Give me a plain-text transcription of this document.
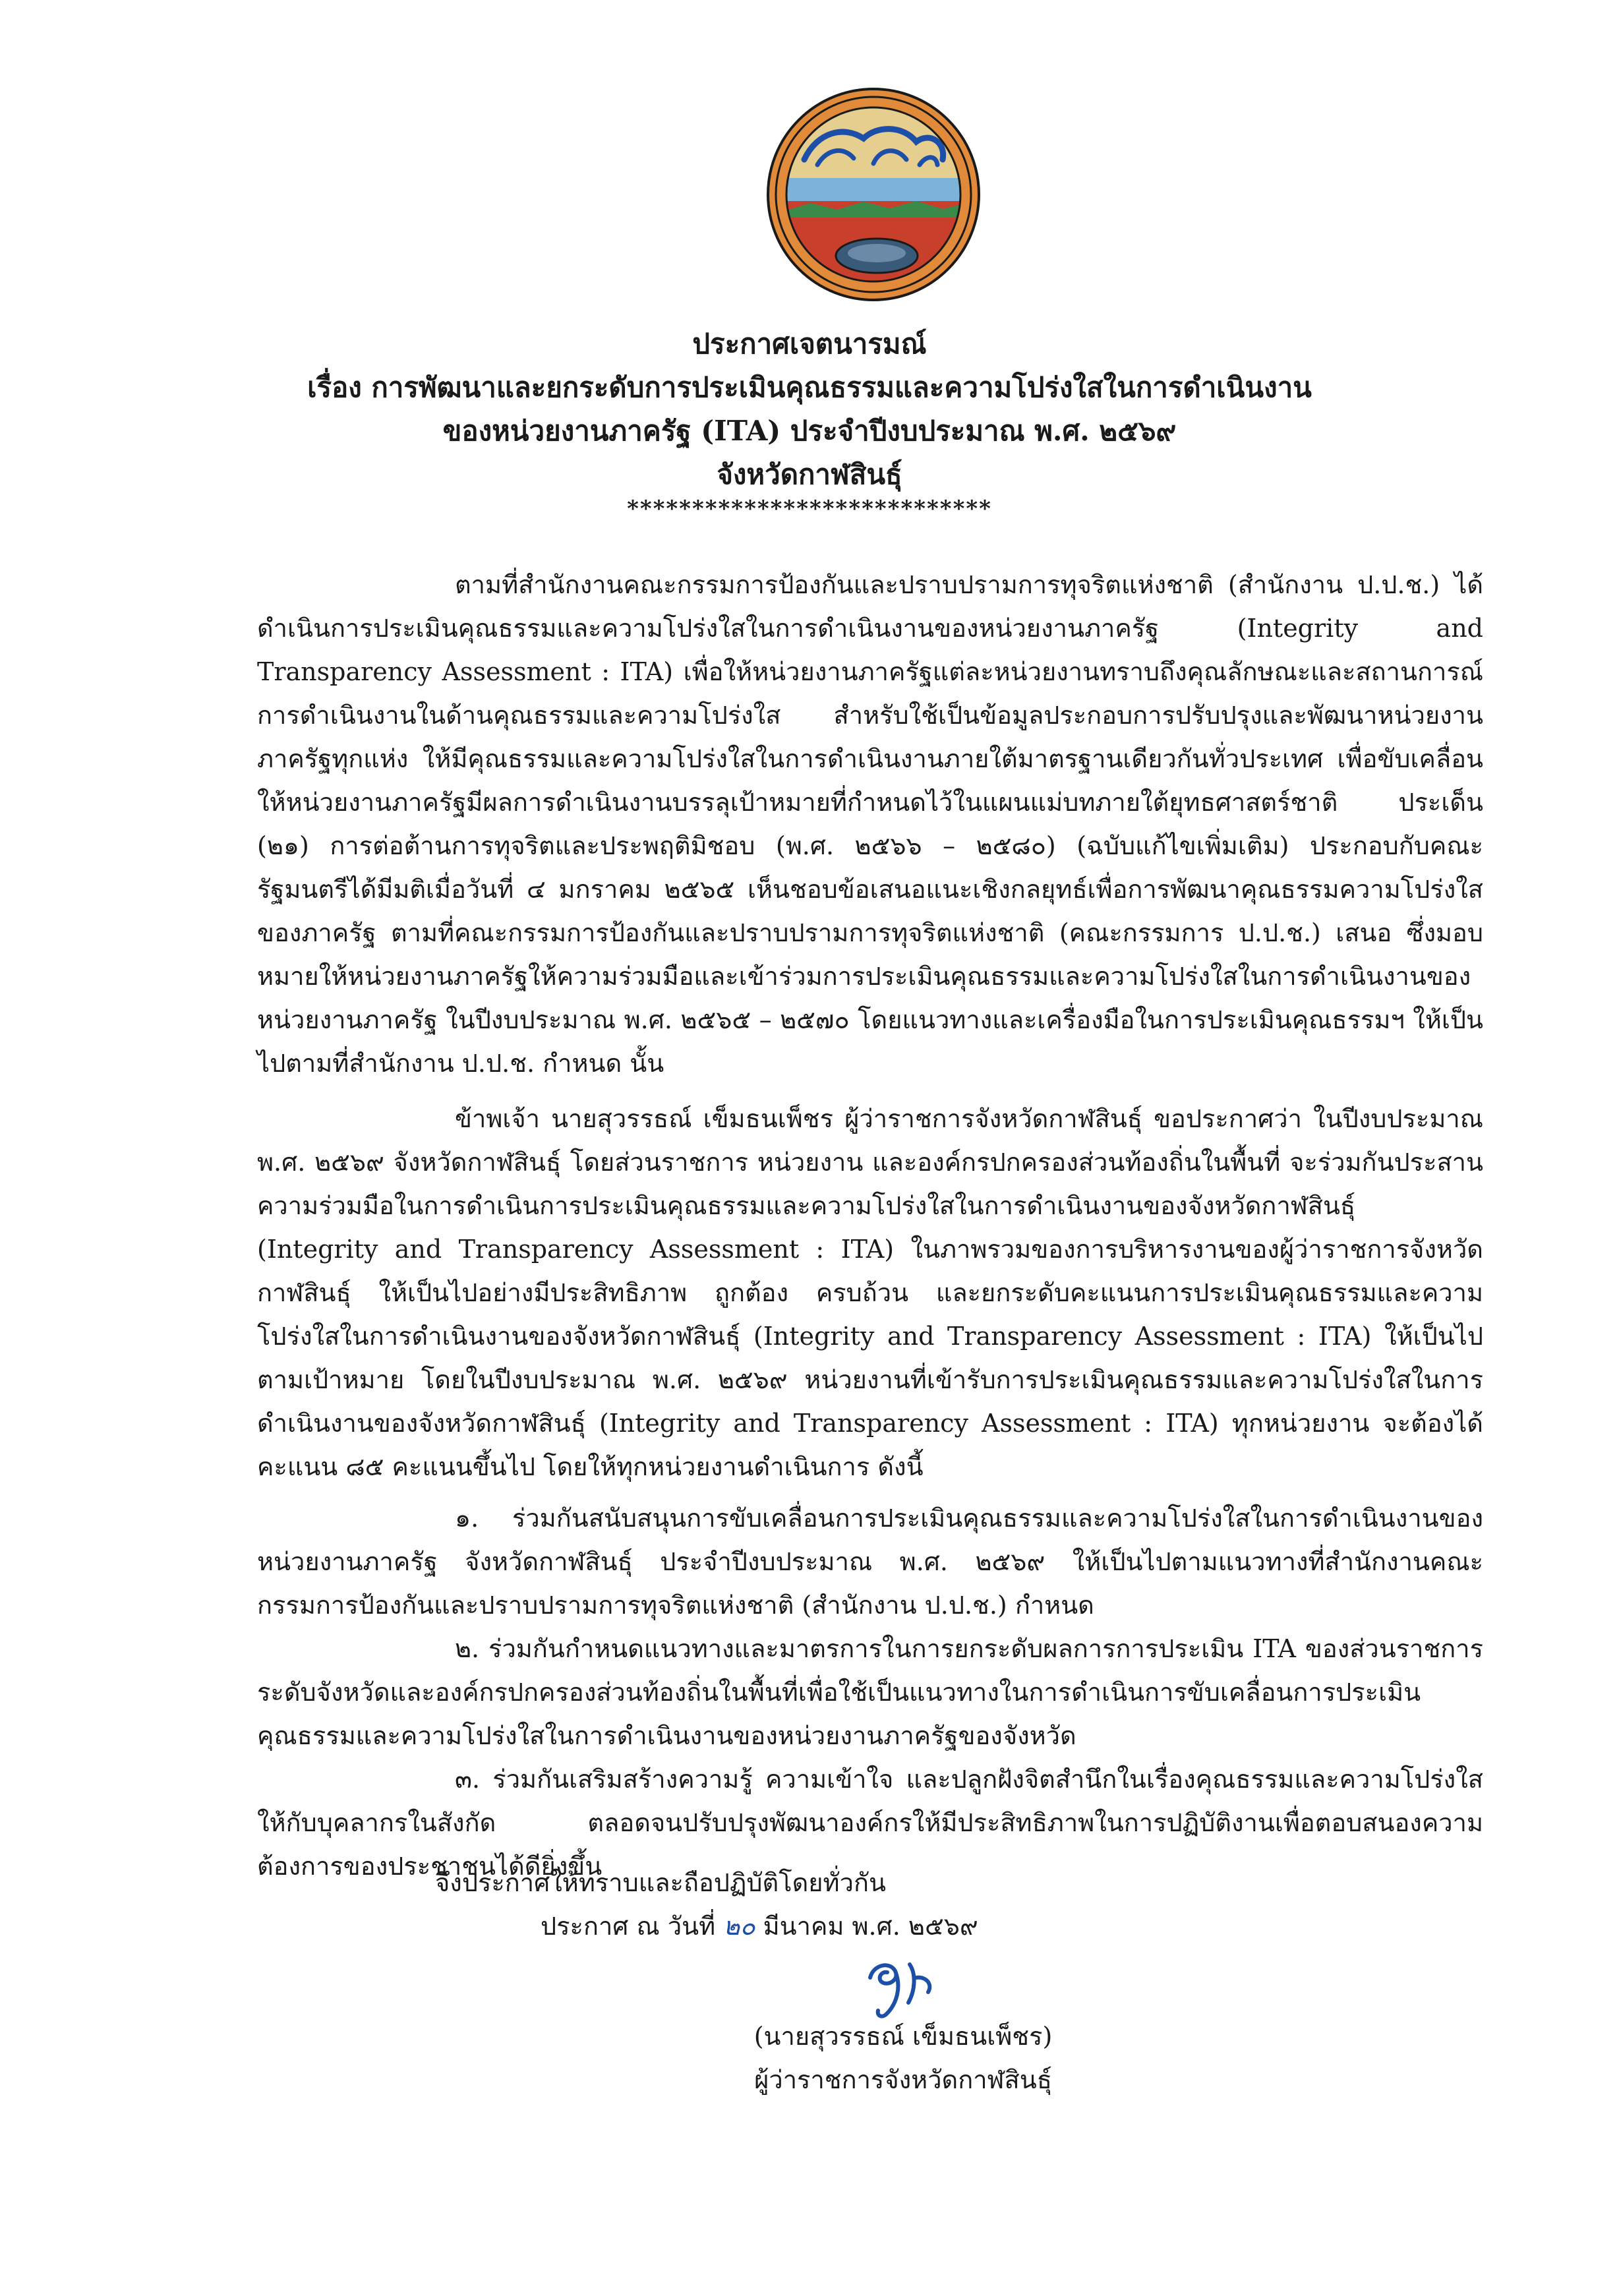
ประกาศเจตนารมณ์
เรื่อง การพัฒนาและยกระดับการประเมินคุณธรรมและความโปร่งใสในการดำเนินงาน
ของหน่วยงานภาครัฐ (ITA) ประจำปีงบประมาณ พ.ศ. ๒๕๖๙
จังหวัดกาฬสินธุ์
****************************

ตามที่สำนักงานคณะกรรมการป้องกันและปราบปรามการทุจริตแห่งชาติ (สำนักงาน ป.ป.ช.) ได้ดำเนินการประเมินคุณธรรมและความโปร่งใสในการดำเนินงานของหน่วยงานภาครัฐ (Integrity and Transparency Assessment : ITA) เพื่อให้หน่วยงานภาครัฐแต่ละหน่วยงานทราบถึงคุณลักษณะและสถานการณ์การดำเนินงานในด้านคุณธรรมและความโปร่งใส สำหรับใช้เป็นข้อมูลประกอบการปรับปรุงและพัฒนาหน่วยงานภาครัฐทุกแห่ง ให้มีคุณธรรมและความโปร่งใสในการดำเนินงานภายใต้มาตรฐานเดียวกันทั่วประเทศ เพื่อขับเคลื่อนให้หน่วยงานภาครัฐมีผลการดำเนินงานบรรลุเป้าหมายที่กำหนดไว้ในแผนแม่บทภายใต้ยุทธศาสตร์ชาติ ประเด็น (๒๑) การต่อต้านการทุจริตและประพฤติมิชอบ (พ.ศ. ๒๕๖๖ – ๒๕๘๐) (ฉบับแก้ไขเพิ่มเติม) ประกอบกับคณะรัฐมนตรีได้มีมติเมื่อวันที่ ๔ มกราคม ๒๕๖๕ เห็นชอบข้อเสนอแนะเชิงกลยุทธ์เพื่อการพัฒนาคุณธรรมความโปร่งใสของภาครัฐ ตามที่คณะกรรมการป้องกันและปราบปรามการทุจริตแห่งชาติ (คณะกรรมการ ป.ป.ช.) เสนอ ซึ่งมอบหมายให้หน่วยงานภาครัฐให้ความร่วมมือและเข้าร่วมการประเมินคุณธรรมและความโปร่งใสในการดำเนินงานของหน่วยงานภาครัฐ ในปีงบประมาณ พ.ศ. ๒๕๖๕ – ๒๕๗๐ โดยแนวทางและเครื่องมือในการประเมินคุณธรรมฯ ให้เป็นไปตามที่สำนักงาน ป.ป.ช. กำหนด นั้น

ข้าพเจ้า นายสุวรรธณ์ เข็มธนเพ็ชร ผู้ว่าราชการจังหวัดกาฬสินธุ์ ขอประกาศว่า ในปีงบประมาณ พ.ศ. ๒๕๖๙ จังหวัดกาฬสินธุ์ โดยส่วนราชการ หน่วยงาน และองค์กรปกครองส่วนท้องถิ่นในพื้นที่ จะร่วมกันประสานความร่วมมือในการดำเนินการประเมินคุณธรรมและความโปร่งใสในการดำเนินงานของจังหวัดกาฬสินธุ์ (Integrity and Transparency Assessment : ITA) ในภาพรวมของการบริหารงานของผู้ว่าราชการจังหวัดกาฬสินธุ์ ให้เป็นไปอย่างมีประสิทธิภาพ ถูกต้อง ครบถ้วน และยกระดับคะแนนการประเมินคุณธรรมและความโปร่งใสในการดำเนินงานของจังหวัดกาฬสินธุ์ (Integrity and Transparency Assessment : ITA) ให้เป็นไปตามเป้าหมาย โดยในปีงบประมาณ พ.ศ. ๒๕๖๙ หน่วยงานที่เข้ารับการประเมินคุณธรรมและความโปร่งใสในการดำเนินงานของจังหวัดกาฬสินธุ์ (Integrity and Transparency Assessment : ITA) ทุกหน่วยงาน จะต้องได้คะแนน ๘๕ คะแนนขึ้นไป โดยให้ทุกหน่วยงานดำเนินการ ดังนี้

๑. ร่วมกันสนับสนุนการขับเคลื่อนการประเมินคุณธรรมและความโปร่งใสในการดำเนินงานของหน่วยงานภาครัฐ จังหวัดกาฬสินธุ์ ประจำปีงบประมาณ พ.ศ. ๒๕๖๙ ให้เป็นไปตามแนวทางที่สำนักงานคณะกรรมการป้องกันและปราบปรามการทุจริตแห่งชาติ (สำนักงาน ป.ป.ช.) กำหนด

๒. ร่วมกันกำหนดแนวทางและมาตรการในการยกระดับผลการการประเมิน ITA ของส่วนราชการระดับจังหวัดและองค์กรปกครองส่วนท้องถิ่นในพื้นที่เพื่อใช้เป็นแนวทางในการดำเนินการขับเคลื่อนการประเมินคุณธรรมและความโปร่งใสในการดำเนินงานของหน่วยงานภาครัฐของจังหวัด

๓. ร่วมกันเสริมสร้างความรู้ ความเข้าใจ และปลูกฝังจิตสำนึกในเรื่องคุณธรรมและความโปร่งใสให้กับบุคลากรในสังกัด ตลอดจนปรับปรุงพัฒนาองค์กรให้มีประสิทธิภาพในการปฏิบัติงานเพื่อตอบสนองความต้องการของประชาชนได้ดียิ่งขึ้น

จึงประกาศให้ทราบและถือปฏิบัติโดยทั่วกัน
ประกาศ ณ วันที่ ๒๐ มีนาคม พ.ศ. ๒๕๖๙
(นายสุวรรธณ์ เข็มธนเพ็ชร)
ผู้ว่าราชการจังหวัดกาฬสินธุ์
